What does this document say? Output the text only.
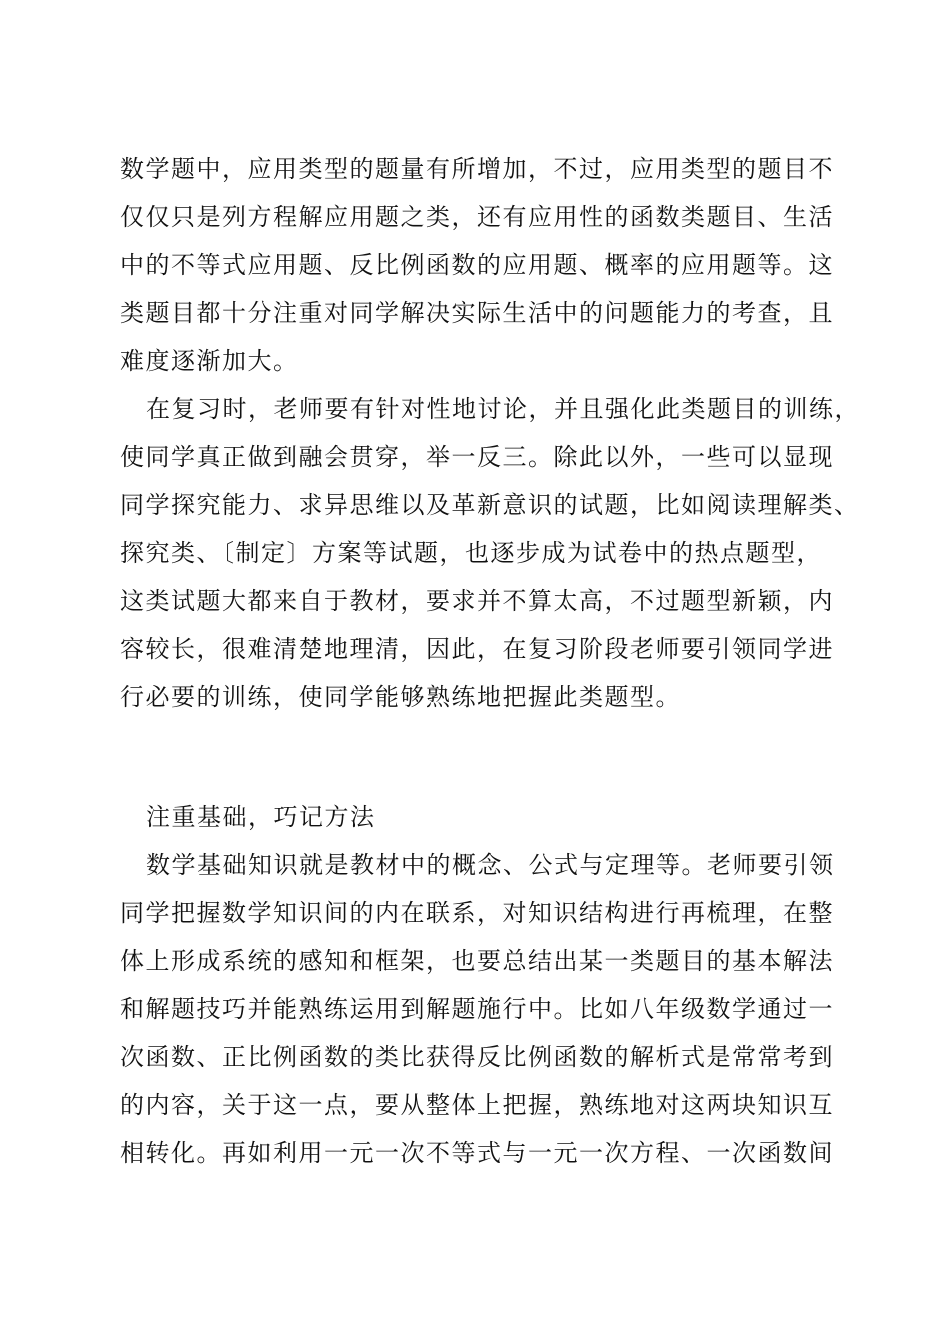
数学题中，应用类型的题量有所增加，不过，应用类型的题目不
仅仅只是列方程解应用题之类，还有应用性的函数类题目、生活
中的不等式应用题、反比例函数的应用题、概率的应用题等。这
类题目都十分注重对同学解决实际生活中的问题能力的考查，且
难度逐渐加大。
在复习时，老师要有针对性地讨论，并且强化此类题目的训练，
使同学真正做到融会贯穿，举一反三。除此以外，一些可以显现
同学探究能力、求异思维以及革新意识的试题，比如阅读理解类、
探究类、〔制定〕方案等试题，也逐步成为试卷中的热点题型，
这类试题大都来自于教材，要求并不算太高，不过题型新颖，内
容较长，很难清楚地理清，因此，在复习阶段老师要引领同学进
行必要的训练，使同学能够熟练地把握此类题型。
注重基础，巧记方法
数学基础知识就是教材中的概念、公式与定理等。老师要引领
同学把握数学知识间的内在联系，对知识结构进行再梳理，在整
体上形成系统的感知和框架，也要总结出某一类题目的基本解法
和解题技巧并能熟练运用到解题施行中。比如八年级数学通过一
次函数、正比例函数的类比获得反比例函数的解析式是常常考到
的内容，关于这一点，要从整体上把握，熟练地对这两块知识互
相转化。再如利用一元一次不等式与一元一次方程、一次函数间
